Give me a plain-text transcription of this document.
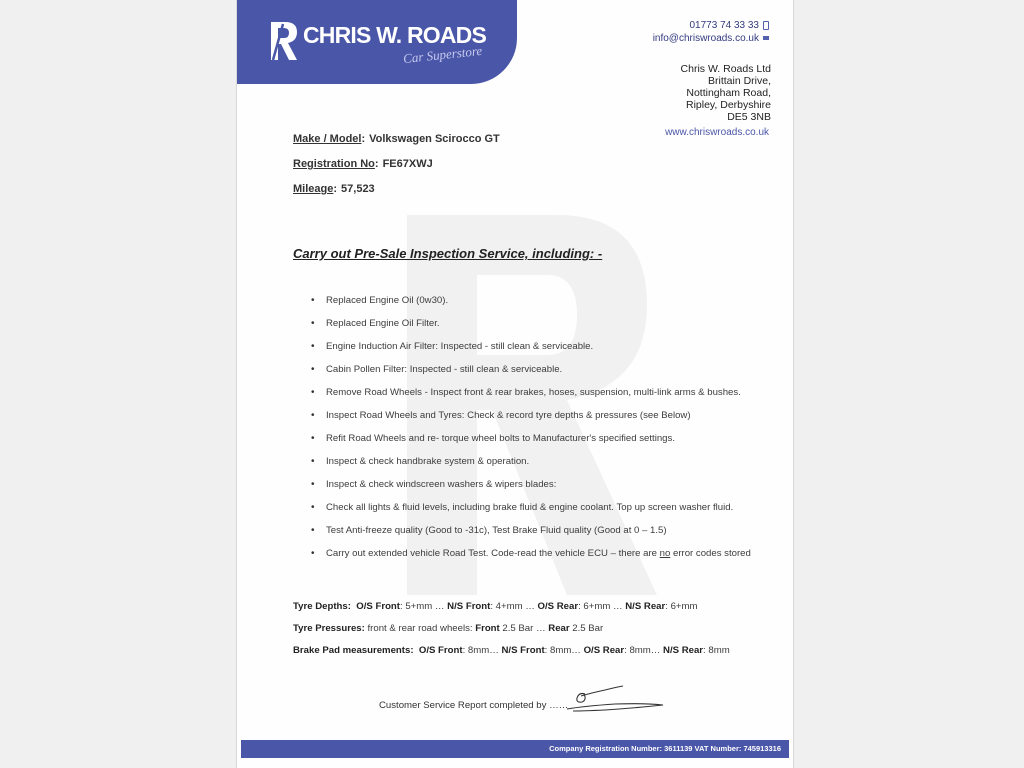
CHRIS W. ROADS
Car Superstore
01773 74 33 33
info@chriswroads.co.uk
Chris W. Roads Ltd
Brittain Drive,
Nottingham Road,
Ripley, Derbyshire
DE5 3NB
www.chriswroads.co.uk
Make / Model: Volkswagen Scirocco GT
Registration No: FE67XWJ
Mileage: 57,523
Carry out Pre-Sale Inspection Service, including: -
• Replaced Engine Oil (0w30).
• Replaced Engine Oil Filter.
• Engine Induction Air Filter: Inspected - still clean & serviceable.
• Cabin Pollen Filter: Inspected - still clean & serviceable.
• Remove Road Wheels - Inspect front & rear brakes, hoses, suspension, multi-link arms & bushes.
• Inspect Road Wheels and Tyres: Check & record tyre depths & pressures (see Below)
• Refit Road Wheels and re- torque wheel bolts to Manufacturer's specified settings.
• Inspect & check handbrake system & operation.
• Inspect & check windscreen washers & wipers blades:
• Check all lights & fluid levels, including brake fluid & engine coolant. Top up screen washer fluid.
• Test Anti-freeze quality (Good to -31c), Test Brake Fluid quality (Good at 0 – 1.5)
• Carry out extended vehicle Road Test. Code-read the vehicle ECU – there are no error codes stored
Tyre Depths: O/S Front: 5+mm … N/S Front: 4+mm … O/S Rear: 6+mm … N/S Rear: 6+mm
Tyre Pressures: front & rear road wheels: Front 2.5 Bar … Rear 2.5 Bar
Brake Pad measurements: O/S Front: 8mm… N/S Front: 8mm… O/S Rear: 8mm… N/S Rear: 8mm
Customer Service Report completed by ……
Company Registration Number: 3611139 VAT Number: 745913316
